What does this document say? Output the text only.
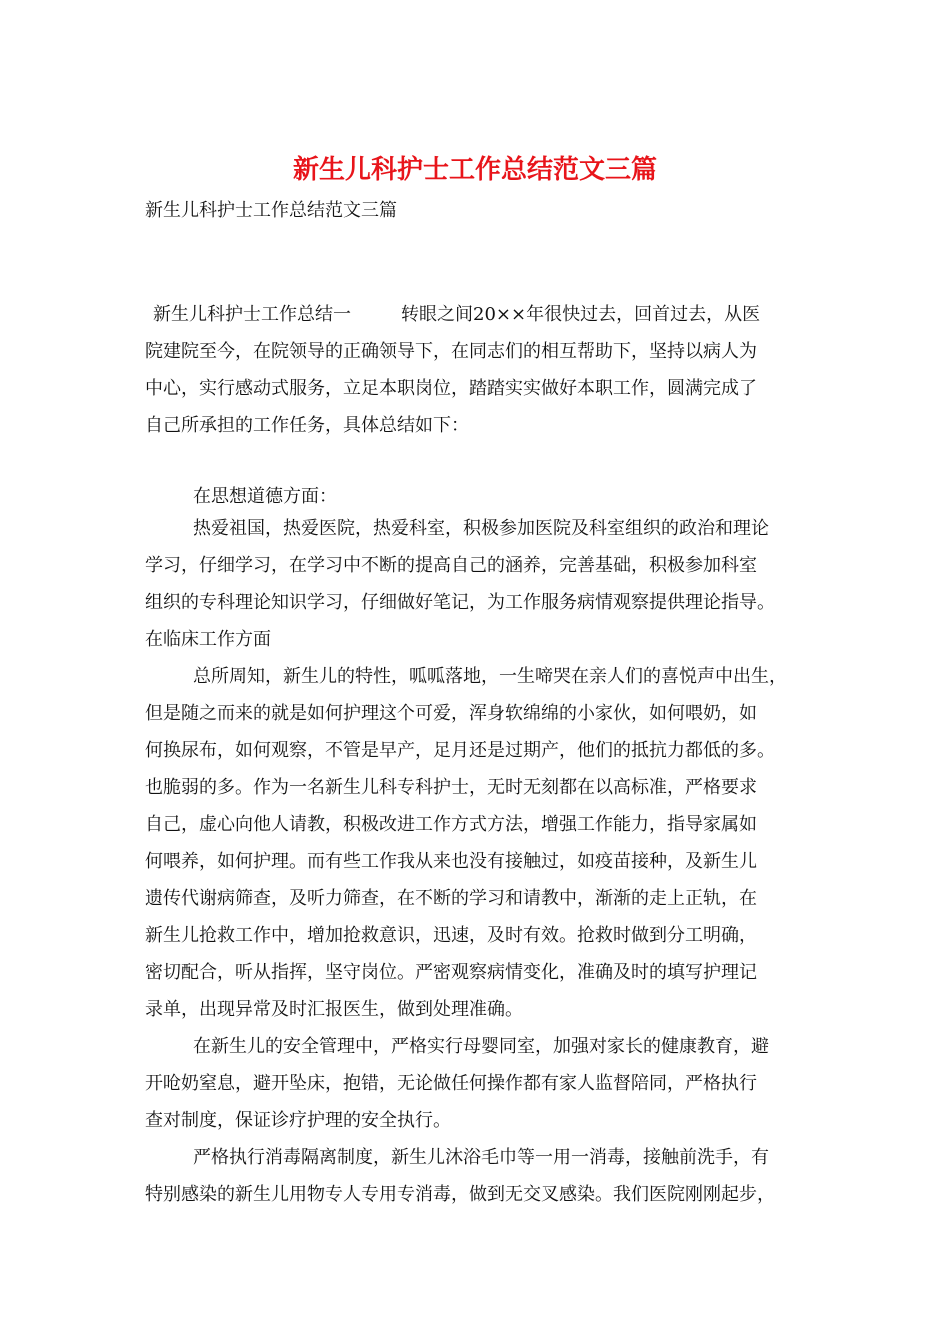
新生儿科护士工作总结范文三篇
新生儿科护士工作总结范文三篇
新生儿科护士工作总结一	转眼之间20××年很快过去，回首过去，从医
院建院至今，在院领导的正确领导下，在同志们的相互帮助下，坚持以病人为
中心，实行感动式服务，立足本职岗位，踏踏实实做好本职工作，圆满完成了
自己所承担的工作任务，具体总结如下：
在思想道德方面：
热爱祖国，热爱医院，热爱科室，积极参加医院及科室组织的政治和理论
学习，仔细学习，在学习中不断的提高自己的涵养，完善基础，积极参加科室
组织的专科理论知识学习，仔细做好笔记，为工作服务病情观察提供理论指导。
在临床工作方面
总所周知，新生儿的特性，呱呱落地，一生啼哭在亲人们的喜悦声中出生，
但是随之而来的就是如何护理这个可爱，浑身软绵绵的小家伙，如何喂奶，如
何换尿布，如何观察，不管是早产，足月还是过期产，他们的抵抗力都低的多。
也脆弱的多。作为一名新生儿科专科护士，无时无刻都在以高标准，严格要求
自己，虚心向他人请教，积极改进工作方式方法，增强工作能力，指导家属如
何喂养，如何护理。而有些工作我从来也没有接触过，如疫苗接种，及新生儿
遗传代谢病筛查，及听力筛查，在不断的学习和请教中，渐渐的走上正轨，在
新生儿抢救工作中，增加抢救意识，迅速，及时有效。抢救时做到分工明确，
密切配合，听从指挥，坚守岗位。严密观察病情变化，准确及时的填写护理记
录单，出现异常及时汇报医生，做到处理准确。
在新生儿的安全管理中，严格实行母婴同室，加强对家长的健康教育，避
开呛奶窒息，避开坠床，抱错，无论做任何操作都有家人监督陪同，严格执行
查对制度，保证诊疗护理的安全执行。
严格执行消毒隔离制度，新生儿沐浴毛巾等一用一消毒，接触前洗手，有
特别感染的新生儿用物专人专用专消毒，做到无交叉感染。我们医院刚刚起步，
